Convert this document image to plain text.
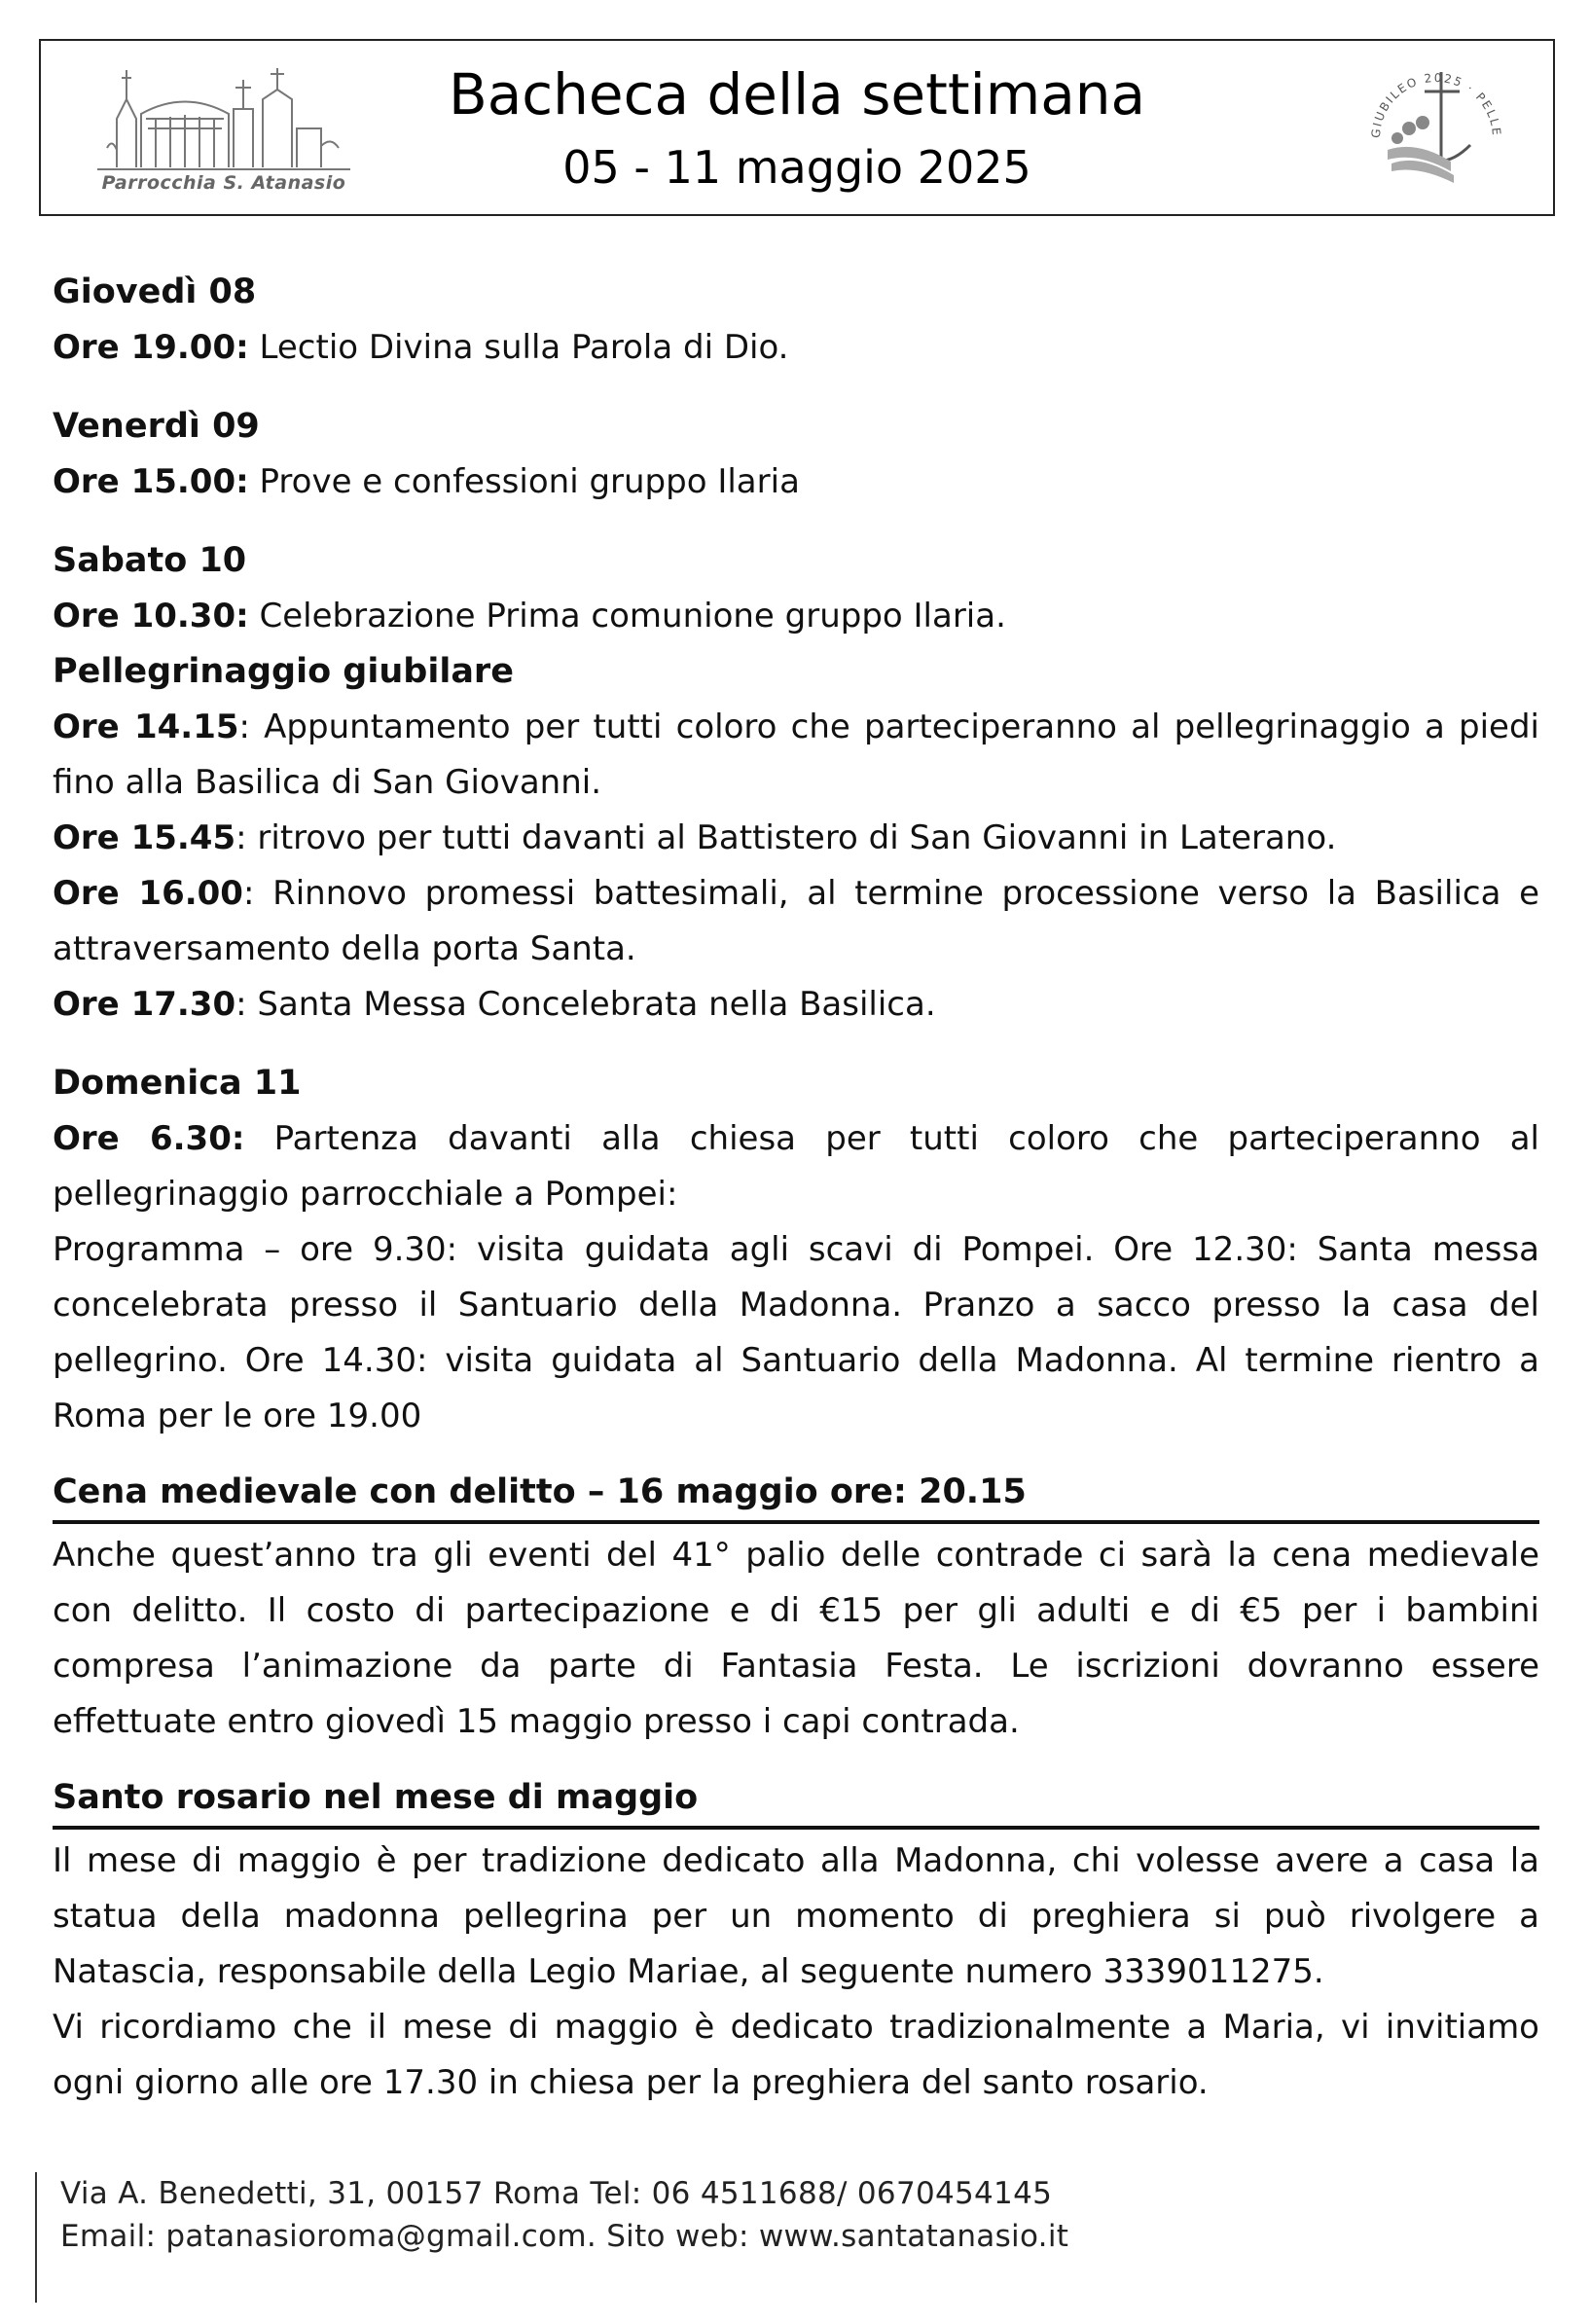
Parrocchia S. Atanasio
Bacheca della settimana
05 - 11 maggio 2025
GIUBILEO 2025 · PELLE

Giovedì 08

Ore 19.00: Lectio Divina sulla Parola di Dio.

Venerdì 09

Ore 15.00: Prove e confessioni gruppo Ilaria

Sabato 10

Ore 10.30: Celebrazione Prima comunione gruppo Ilaria.

Pellegrinaggio giubilare

Ore 14.15: Appuntamento per tutti coloro che parteciperanno al pellegrinaggio a piedi fino alla Basilica di San Giovanni.

Ore 15.45: ritrovo per tutti davanti al Battistero di San Giovanni in Laterano.

Ore 16.00: Rinnovo promessi battesimali, al termine processione verso la Basilica e attraversamento della porta Santa.

Ore 17.30: Santa Messa Concelebrata nella Basilica.

Domenica 11

Ore 6.30: Partenza davanti alla chiesa per tutti coloro che parteciperanno al pellegrinaggio parrocchiale a Pompei:

Programma – ore 9.30: visita guidata agli scavi di Pompei. Ore 12.30: Santa messa concelebrata presso il Santuario della Madonna. Pranzo a sacco presso la casa del pellegrino. Ore 14.30: visita guidata al Santuario della Madonna. Al termine rientro a Roma per le ore 19.00

Cena medievale con delitto – 16 maggio ore: 20.15

Anche quest’anno tra gli eventi del 41° palio delle contrade ci sarà la cena medievale con delitto. Il costo di partecipazione e di €15 per gli adulti e di €5 per i bambini compresa l’animazione da parte di Fantasia Festa. Le iscrizioni dovranno essere effettuate entro giovedì 15 maggio presso i capi contrada.

Santo rosario nel mese di maggio

Il mese di maggio è per tradizione dedicato alla Madonna, chi volesse avere a casa la statua della madonna pellegrina per un momento di preghiera si può rivolgere a Natascia, responsabile della Legio Mariae, al seguente numero 3339011275.

Vi ricordiamo che il mese di maggio è dedicato tradizionalmente a Maria, vi invitiamo ogni giorno alle ore 17.30 in chiesa per la preghiera del santo rosario.

Via A. Benedetti, 31, 00157 Roma Tel: 06 4511688/ 0670454145
Email: patanasioroma@gmail.com. Sito web: www.santatanasio.it
